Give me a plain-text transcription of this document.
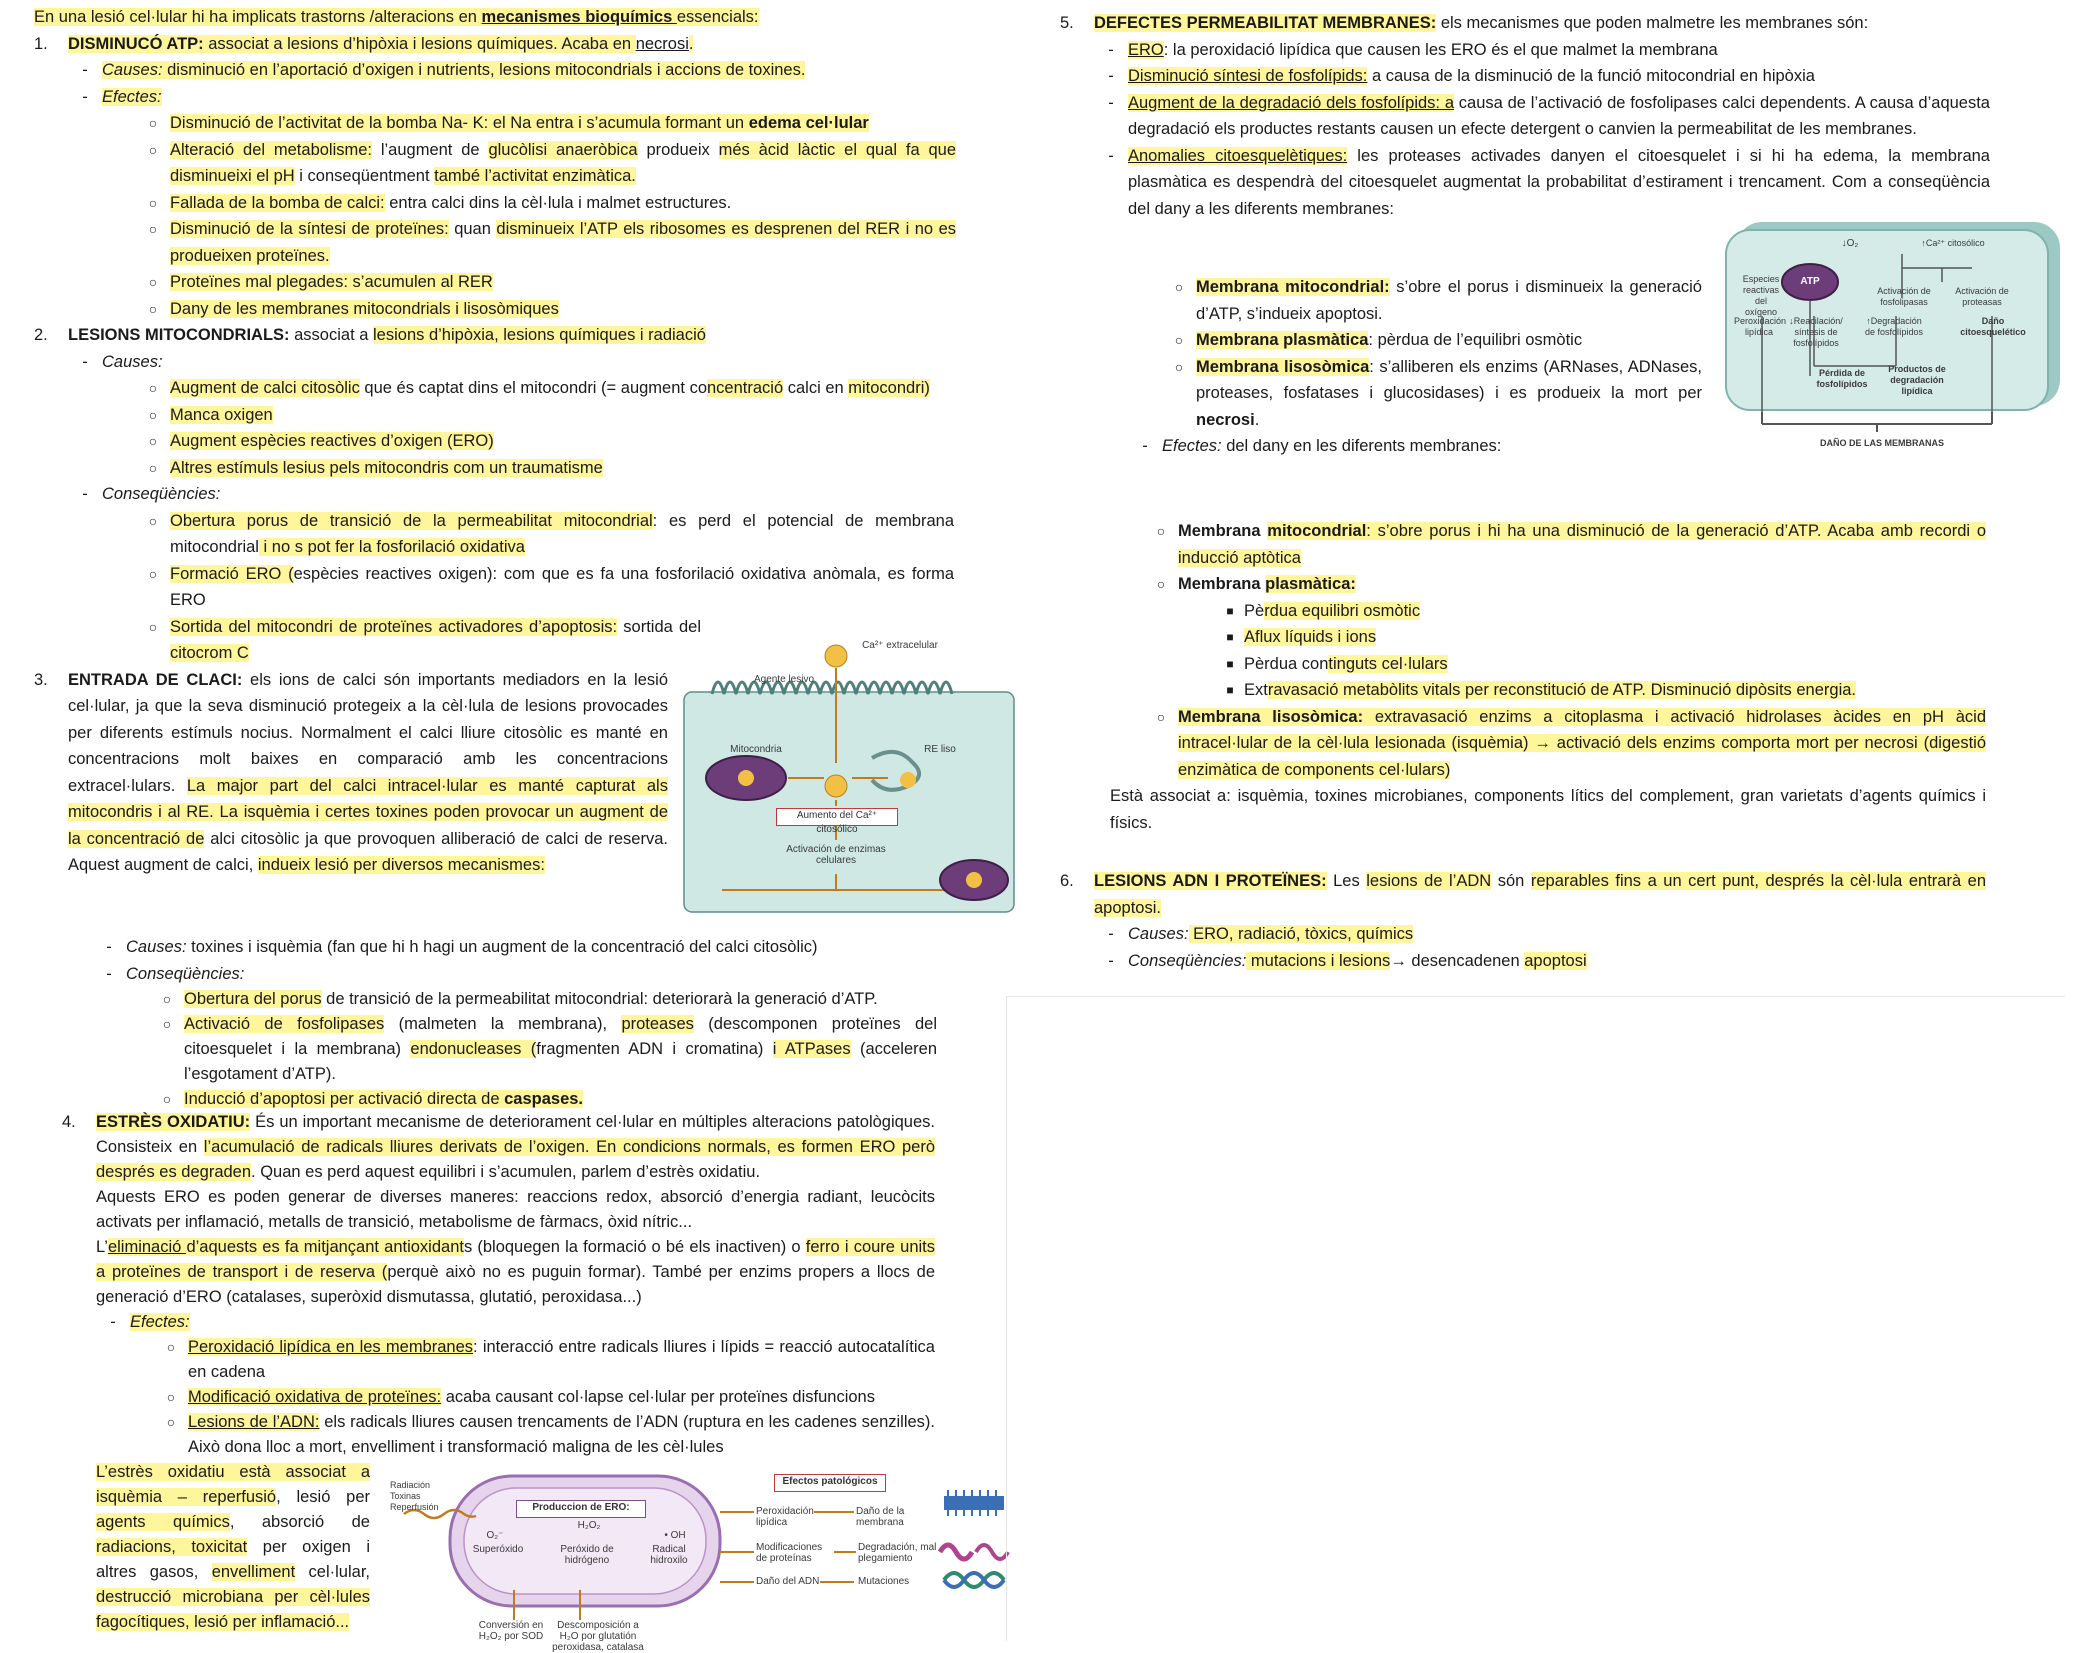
En una lesió cel·lular hi ha implicats trastorns /alteracions en mecanismes bioquímics essencials:

1.	DISMINUCÓ ATP: associat a lesions d’hipòxia i lesions químiques. Acaba en necrosi.
- Causes: disminució en l’aportació d’oxigen i nutrients, lesions mitocondrials i accions de toxines.
- Efectes:
○ Disminució de l’activitat de la bomba Na- K: el Na entra i s’acumula formant un edema cel·lular
○ Alteració del metabolisme: l’augment de glucòlisi anaeròbica produeix més àcid làctic el qual fa que disminueixi el pH i conseqüentment també l’activitat enzimàtica.
○ Fallada de la bomba de calci: entra calci dins la cèl·lula i malmet estructures.
○ Disminució de la síntesi de proteïnes: quan disminueix l’ATP els ribosomes es desprenen del RER i no es produeixen proteïnes.
○ Proteïnes mal plegades: s’acumulen al RER
○ Dany de les membranes mitocondrials i lisosòmiques
2.	LESIONS MITOCONDRIALS: associat a lesions d’hipòxia, lesions químiques i radiació
- Causes:
○ Augment de calci citosòlic que és captat dins el mitocondri (= augment concentració calci en mitocondri)
○ Manca oxigen
○ Augment espècies reactives d’oxigen (ERO)
○ Altres estímuls lesius pels mitocondris com un traumatisme
- Conseqüències:
○ Obertura porus de transició de la permeabilitat mitocondrial: es perd el potencial de membrana mitocondrial i no s pot fer la fosforilació oxidativa
○ Formació ERO (espècies reactives oxigen): com que es fa una fosforilació oxidativa anòmala, es forma ERO
○ Sortida del mitocondri de proteïnes activadores d’apoptosis: sortida del citocrom C
3.	ENTRADA DE CLACI: els ions de calci són importants mediadors en la lesió cel·lular, ja que la seva disminució protegeix a la cèl·lula de lesions provocades per diferents estímuls nocius. Normalment el calci lliure citosòlic es manté en concentracions molt baixes en comparació amb les concentracions extracel·lulars. La major part del calci intracel·lular es manté capturat als mitocondris i al RE. La isquèmia i certes toxines poden provocar un augment de la concentració de alci citosòlic ja que provoquen alliberació de calci de reserva. Aquest augment de calci, indueix lesió per diversos mecanismes:
- Causes: toxines i isquèmia (fan que hi h hagi un augment de la concentració del calci citosòlic)
- Conseqüències:
○ Obertura del porus de transició de la permeabilitat mitocondrial: deteriorarà la generació d’ATP.
○ Activació de fosfolipases (malmeten la membrana), proteases (descomponen proteïnes del citoesquelet i la membrana) endonucleases (fragmenten ADN i cromatina) i ATPases (acceleren l’esgotament d’ATP).
○ Inducció d’apoptosi per activació directa de caspases.
4.	ESTRÈS OXIDATIU: És un important mecanisme de deteriorament cel·lular en múltiples alteracions patològiques. Consisteix en l’acumulació de radicals lliures derivats de l’oxigen. En condicions normals, es formen ERO però després es degraden. Quan es perd aquest equilibri i s’acumulen, parlem d’estrès oxidatiu.

Aquests ERO es poden generar de diverses maneres: reaccions redox, absorció d’energia radiant, leucòcits activats per inflamació, metalls de transició, metabolisme de fàrmacs, òxid nítric...

L’eliminació d’aquests es fa mitjançant antioxidants (bloquegen la formació o bé els inactiven) o ferro i coure units a proteïnes de transport i de reserva (perquè això no es puguin formar). També per enzims propers a llocs de generació d’ERO (catalases, superòxid dismutassa, glutatió, peroxidasa...)

- Efectes:
○ Peroxidació lipídica en les membranes: interacció entre radicals lliures i lípids = reacció autocatalítica en cadena
○ Modificació oxidativa de proteïnes: acaba causant col·lapse cel·lular per proteïnes disfuncions
○ Lesions de l’ADN: els radicals lliures causen trencaments de l’ADN (ruptura en les cadenes senzilles). Això dona lloc a mort, envelliment i transformació maligna de les cèl·lules

L’estrès oxidatiu està associat a isquèmia – reperfusió, lesió per agents químics, absorció de radiacions, toxicitat per oxigen i altres gasos, envelliment cel·lular, destrucció microbiana per cèl·lules fagocítiques, lesió per inflamació...

Ca²⁺ extracelular
Agente lesivo
Mitocondria	RE liso
Aumento del Ca²⁺ citosólico
Activación de enzimas celulares
Radiación Toxinas Reperfusión	Produccion de ERO:
H₂O₂
O₂⁻	• OH
Superóxido	Peróxido de hidrógeno
Radical hidroxilo
Efectos patológicos
Peroxidación lipídica
Daño de la membrana
Modificaciones de proteínas
Degradación, mal plegamiento
Daño del ADN	Mutaciones
Conversión en H₂O₂ por SOD
Descomposición a H₂O por glutatión peroxidasa, catalasa
5.	DEFECTES PERMEABILITAT MEMBRANES: els mecanismes que poden malmetre les membranes són:
- ERO: la peroxidació lipídica que causen les ERO és el que malmet la membrana
- Disminució síntesi de fosfolípids: a causa de la disminució de la funció mitocondrial en hipòxia
- Augment de la degradació dels fosfolípids: a causa de l’activació de fosfolipases calci dependents. A causa d’aquesta degradació els productes restants causen un efecte detergent o canvien la permeabilitat de les membranes.
- Anomalies citoesquelètiques: les proteases activades danyen el citoesquelet i si hi ha edema, la membrana plasmàtica es despendrà del citoesquelet augmentat la probabilitat d’estirament i trencament. Com a conseqüència del dany a les diferents membranes:
○ Membrana mitocondrial: s’obre el porus i disminueix la generació d’ATP, s’indueix apoptosi.
○ Membrana plasmàtica: pèrdua de l’equilibri osmòtic
○ Membrana lisosòmica: s’alliberen els enzims (ARNases, ADNases, proteases, fosfatases i glucosidases) i es produeix la mort per necrosi.
- Efectes: del dany en les diferents membranes:
○ Membrana mitocondrial: s’obre porus i hi ha una disminució de la generació d’ATP. Acaba amb recordi o inducció aptòtica
○ Membrana plasmàtica:
■ Pèrdua equilibri osmòtic
■ Aflux líquids i ions
■ Pèrdua continguts cel·lulars
■ Extravasació metabòlits vitals per reconstitució de ATP. Disminució dipòsits energia.
○ Membrana lisosòmica: extravasació enzims a citoplasma i activació hidrolases àcides en pH àcid intracel·lular de la cèl·lula lesionada (isquèmia) → activació dels enzims comporta mort per necrosi (digestió enzimàtica de components cel·lulars)

Està associat a: isquèmia, toxines microbianes, components lítics del complement, gran varietats d’agents químics i físics.

6.	LESIONS ADN I PROTEÏNES: Les lesions de l’ADN són reparables fins a un cert punt, després la cèl·lula entrarà en apoptosi.
- Causes: ERO, radiació, tòxics, químics
- Conseqüències: mutacions i lesions→ desencadenen apoptosi
↓O₂	↑Ca²⁺ citosólico
Especies reactivas del oxígeno
ATP
Activación de fosfolipasas
Activación de proteasas
Peroxidación lipídica
↓Reacilación/ síntesis de fosfolípidos
↑Degradación de fosfolípidos
Daño citoesquelético
Pérdida de fosfolípidos
Productos de degradación lipídica
DAÑO DE LAS MEMBRANAS
